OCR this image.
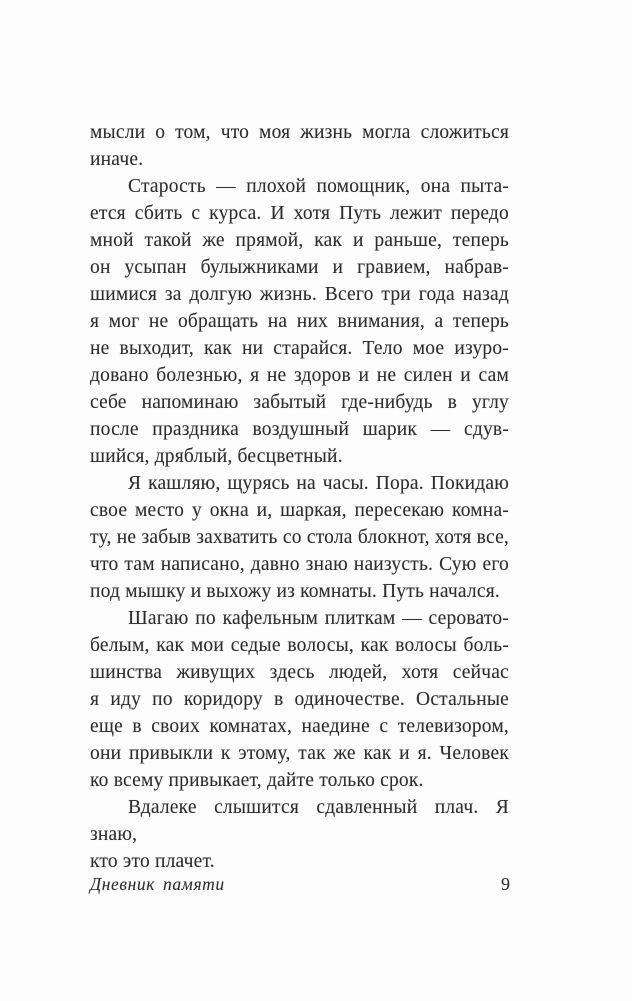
мысли о том, что моя жизнь могла сложиться
иначе.

Старость — плохой помощник, она пыта-
ется сбить с курса. И хотя Путь лежит передо
мной такой же прямой, как и раньше, теперь
он усыпан булыжниками и гравием, набрав-
шимися за долгую жизнь. Всего три года назад
я мог не обращать на них внимания, а теперь
не выходит, как ни старайся. Тело мое изуро-
довано болезнью, я не здоров и не силен и сам
себе напоминаю забытый где-нибудь в углу
после праздника воздушный шарик — сдув-
шийся, дряблый, бесцветный.

Я кашляю, щурясь на часы. Пора. Покидаю
свое место у окна и, шаркая, пересекаю комна-
ту, не забыв захватить со стола блокнот, хотя все,
что там написано, давно знаю наизусть. Сую его
под мышку и выхожу из комнаты. Путь начался.

Шагаю по кафельным плиткам — серовато-
белым, как мои седые волосы, как волосы боль-
шинства живущих здесь людей, хотя сейчас
я иду по коридору в одиночестве. Остальные
еще в своих комнатах, наедине с телевизором,
они привыкли к этому, так же как и я. Человек
ко всему привыкает, дайте только срок.

Вдалеке слышится сдавленный плач. Я знаю,
кто это плачет.

Дневник памяти	9
